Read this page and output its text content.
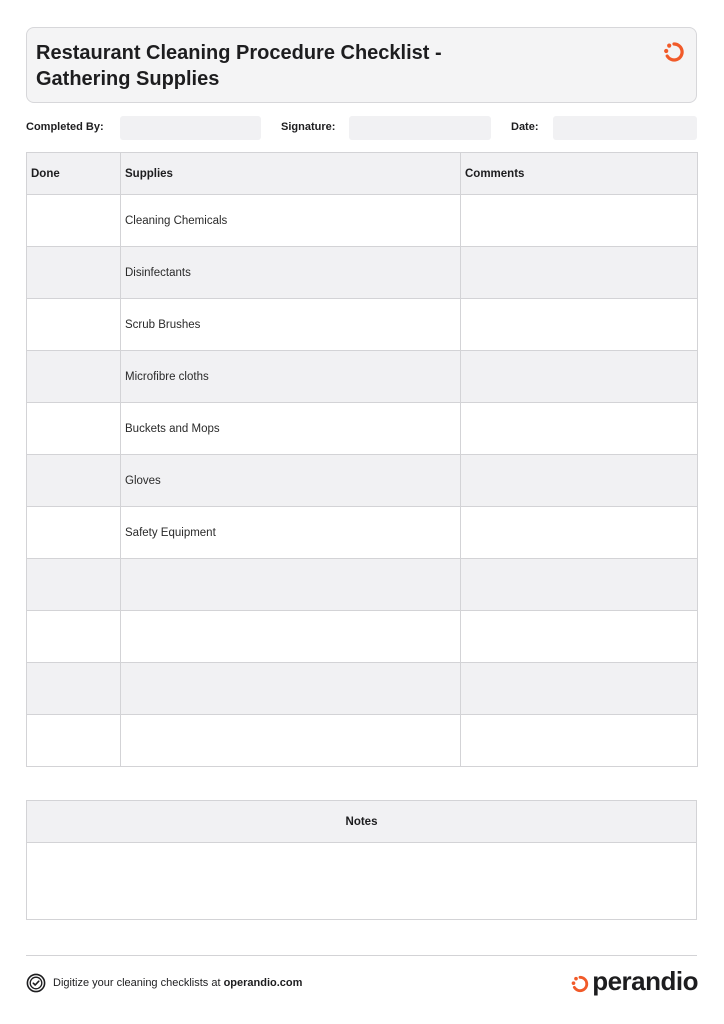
Restaurant Cleaning Procedure Checklist -
Gathering Supplies
Completed By:	Signature:	Date:
Done	Supplies	Comments
	Cleaning Chemicals	
	Disinfectants	
	Scrub Brushes	
	Microfibre cloths	
	Buckets and Mops	
	Gloves	
	Safety Equipment	

Notes
Digitize your cleaning checklists at operandio.com	perandio
